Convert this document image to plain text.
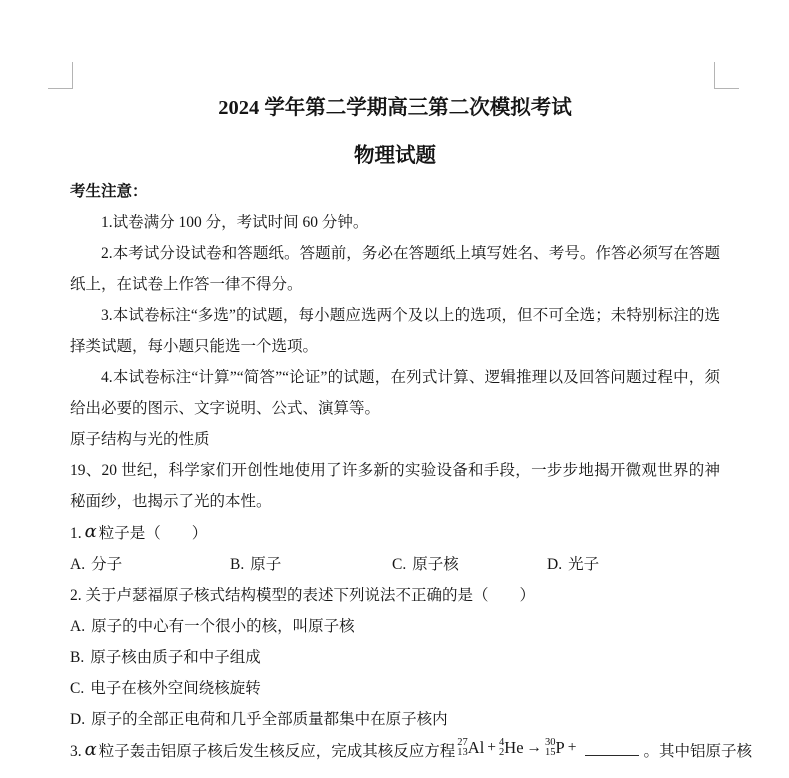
2024 学年第二学期高三第二次模拟考试
物理试题

考生注意：

1.试卷满分 100 分，考试时间 60 分钟。

2.本考试分设试卷和答题纸。答题前，务必在答题纸上填写姓名、考号。作答必须写在答题纸上，在试卷上作答一律不得分。

3.本试卷标注“多选”的试题，每小题应选两个及以上的选项，但不可全选；未特别标注的选择类试题，每小题只能选一个选项。

4.本试卷标注“计算”“简答”“论证”的试题，在列式计算、逻辑推理以及回答问题过程中，须给出必要的图示、文字说明、公式、演算等。

原子结构与光的性质

19、20 世纪，科学家们开创性地使用了许多新的实验设备和手段，一步步地揭开微观世界的神秘面纱，也揭示了光的本性。

1. α 粒子是（　　）

A. 分子	B. 原子	C. 原子核	D. 光子

2. 关于卢瑟福原子核式结构模型的表述下列说法不正确的是（　　）

A. 原子的中心有一个很小的核，叫原子核

B. 原子核由质子和中子组成

C. 电子在核外空间绕核旋转

D. 原子的全部正电荷和几乎全部质量都集中在原子核内

3. α 粒子轰击铝原子核后发生核反应，完成其核反应方程
27
13 Al + 4
2 He → 30
15 P +	。其中铝原子核
